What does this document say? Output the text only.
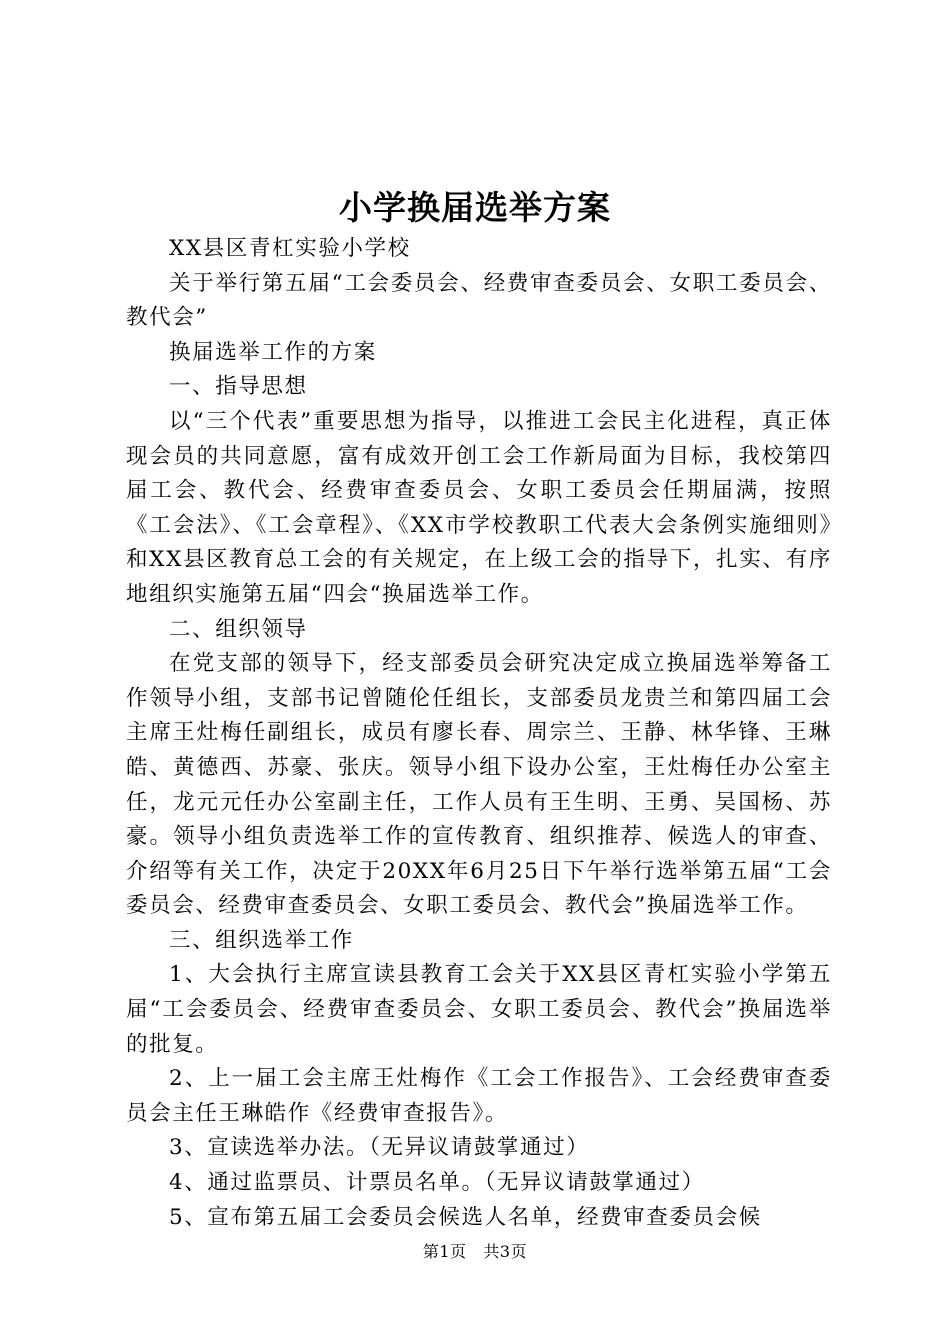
小学换届选举方案

XX县区青杠实验小学校

关于举行第五届“工会委员会、经费审查委员会、女职工委员会、教代会”

换届选举工作的方案

一、指导思想

以“三个代表”重要思想为指导，以推进工会民主化进程，真正体现会员的共同意愿，富有成效开创工会工作新局面为目标，我校第四届工会、教代会、经费审查委员会、女职工委员会任期届满，按照《工会法》、《工会章程》、《XX市学校教职工代表大会条例实施细则》和XX县区教育总工会的有关规定，在上级工会的指导下，扎实、有序地组织实施第五届“四会“换届选举工作。

二、组织领导

在党支部的领导下，经支部委员会研究决定成立换届选举筹备工作领导小组，支部书记曾随伦任组长，支部委员龙贵兰和第四届工会主席王灶梅任副组长，成员有廖长春、周宗兰、王静、林华锋、王琳皓、黄德西、苏豪、张庆。领导小组下设办公室，王灶梅任办公室主任，龙元元任办公室副主任，工作人员有王生明、王勇、吴国杨、苏豪。领导小组负责选举工作的宣传教育、组织推荐、候选人的审查、介绍等有关工作，决定于20XX年6月25日下午举行选举第五届“工会委员会、经费审查委员会、女职工委员会、教代会”换届选举工作。

三、组织选举工作

1、大会执行主席宣读县教育工会关于XX县区青杠实验小学第五届“工会委员会、经费审查委员会、女职工委员会、教代会”换届选举的批复。

2、上一届工会主席王灶梅作《工会工作报告》、工会经费审查委员会主任王琳皓作《经费审查报告》。

3、宣读选举办法。（无异议请鼓掌通过）

4、通过监票员、计票员名单。（无异议请鼓掌通过）

5、宣布第五届工会委员会候选人名单，经费审查委员会候

第1页 共3页
